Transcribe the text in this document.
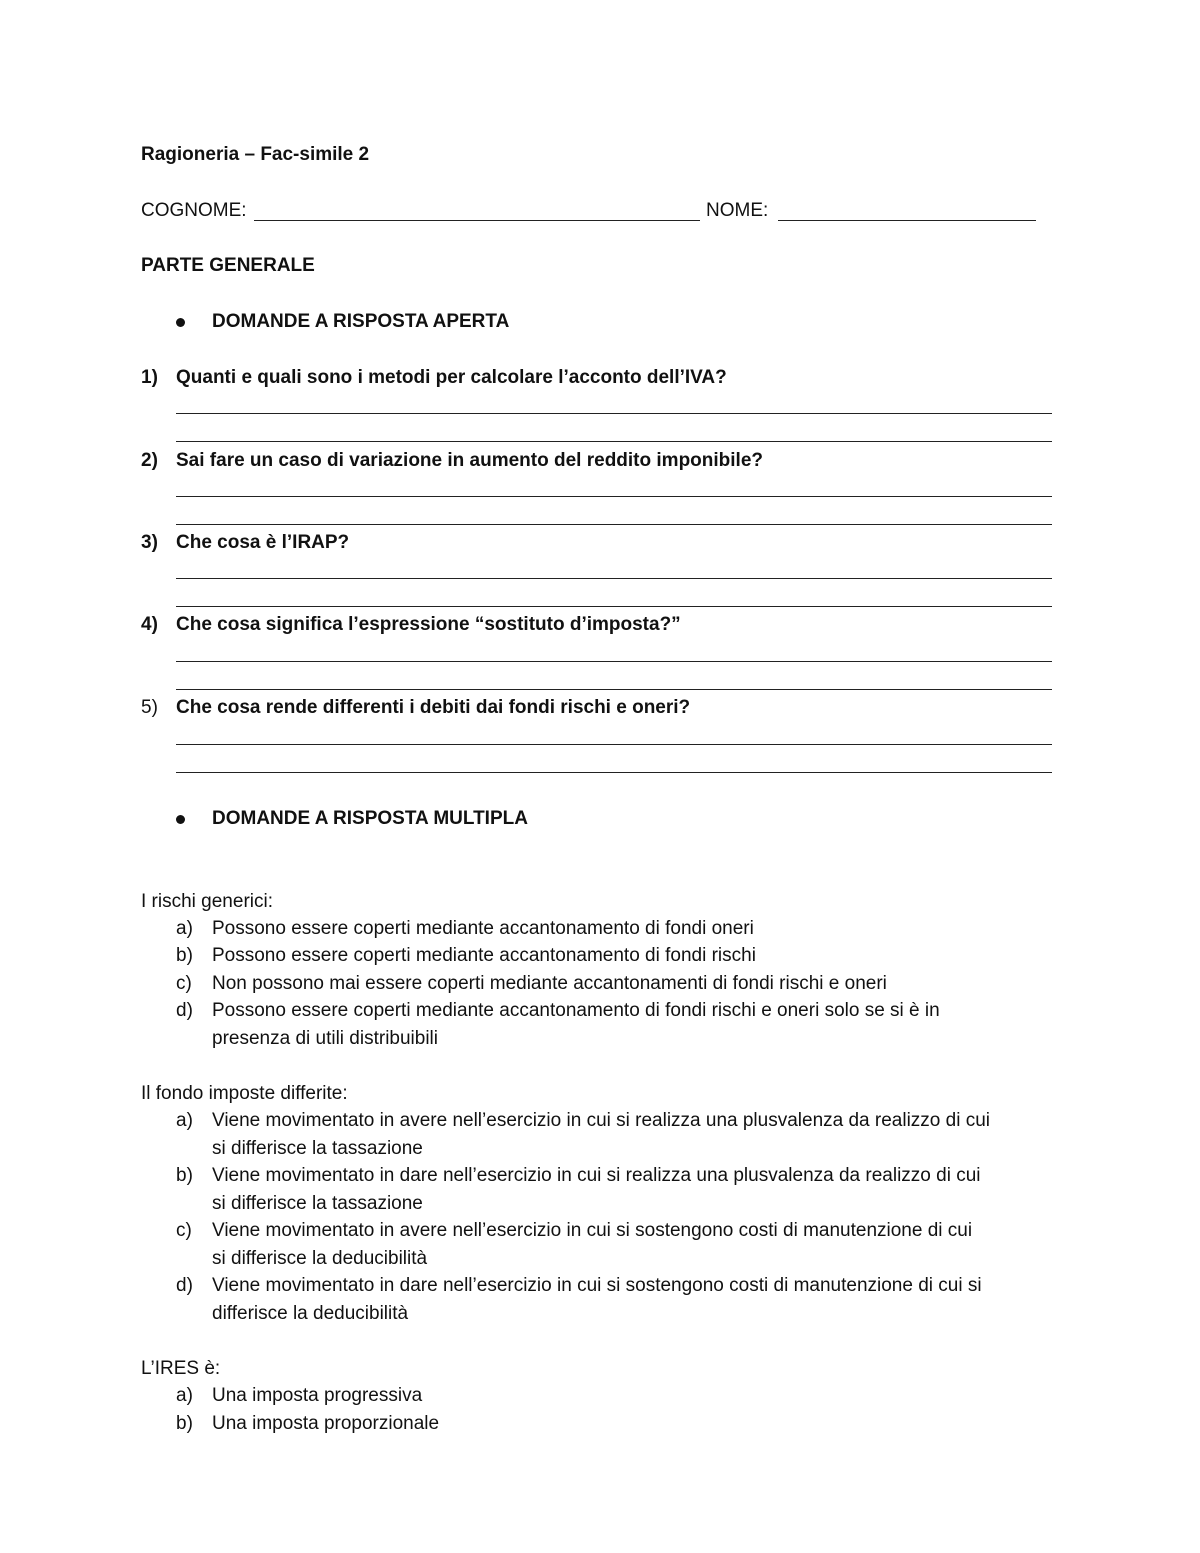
Ragioneria – Fac-simile 2
COGNOME:	NOME:
PARTE GENERALE
DOMANDE A RISPOSTA APERTA
1) Quanti e quali sono i metodi per calcolare l’acconto dell’IVA?
2) Sai fare un caso di variazione in aumento del reddito imponibile?
3) Che cosa è l’IRAP?
4) Che cosa significa l’espressione “sostituto d’imposta?”
5) Che cosa rende differenti i debiti dai fondi rischi e oneri?
DOMANDE A RISPOSTA MULTIPLA
I rischi generici:
a) Possono essere coperti mediante accantonamento di fondi oneri
b) Possono essere coperti mediante accantonamento di fondi rischi
c) Non possono mai essere coperti mediante accantonamenti di fondi rischi e oneri
d) Possono essere coperti mediante accantonamento di fondi rischi e oneri solo se si è in
presenza di utili distribuibili
Il fondo imposte differite:
a) Viene movimentato in avere nell’esercizio in cui si realizza una plusvalenza da realizzo di cui
si differisce la tassazione
b) Viene movimentato in dare nell’esercizio in cui si realizza una plusvalenza da realizzo di cui
si differisce la tassazione
c) Viene movimentato in avere nell’esercizio in cui si sostengono costi di manutenzione di cui
si differisce la deducibilità
d) Viene movimentato in dare nell’esercizio in cui si sostengono costi di manutenzione di cui si
differisce la deducibilità
L’IRES è:
a) Una imposta progressiva
b) Una imposta proporzionale
